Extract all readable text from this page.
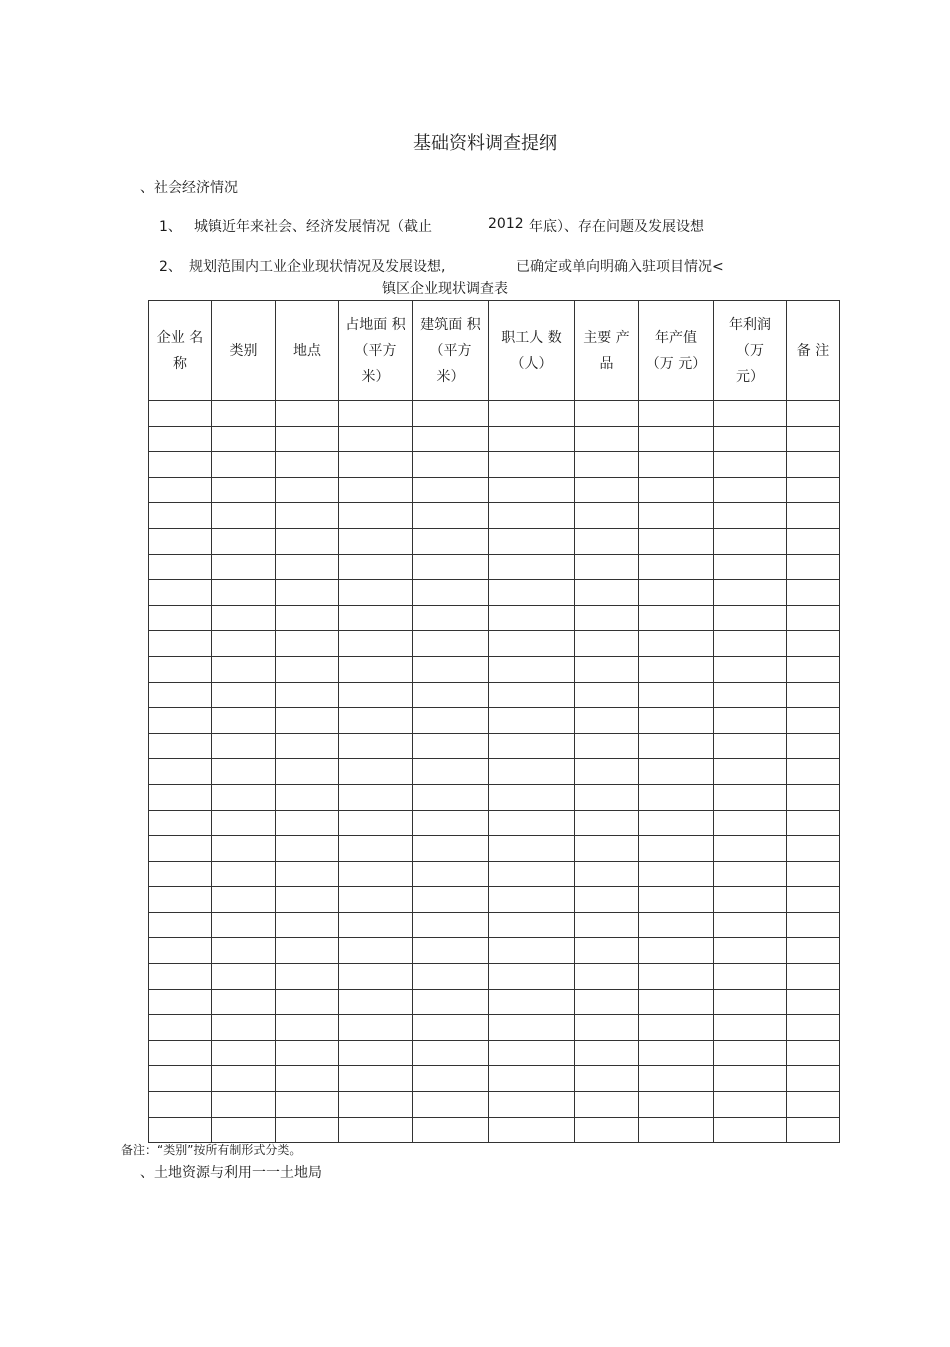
基础资料调查提纲
、社会经济情况
1、 城镇近年来社会、经济发展情况（截止	2012 年底）、存在问题及发展设想
2、 规划范围内工业企业现状情况及发展设想,	已确定或单向明确入驻项目情况<
镇区企业现状调查表
企业 名
称	类别	地点	占地面 积
（平方
米）	建筑面 积
（平方
米）	职工人 数
（人）	主要 产
品	年产值
（万 元）	年利润
（万
元）	备 注

备注：“类别”按所有制形式分类。
、土地资源与利用一一土地局
